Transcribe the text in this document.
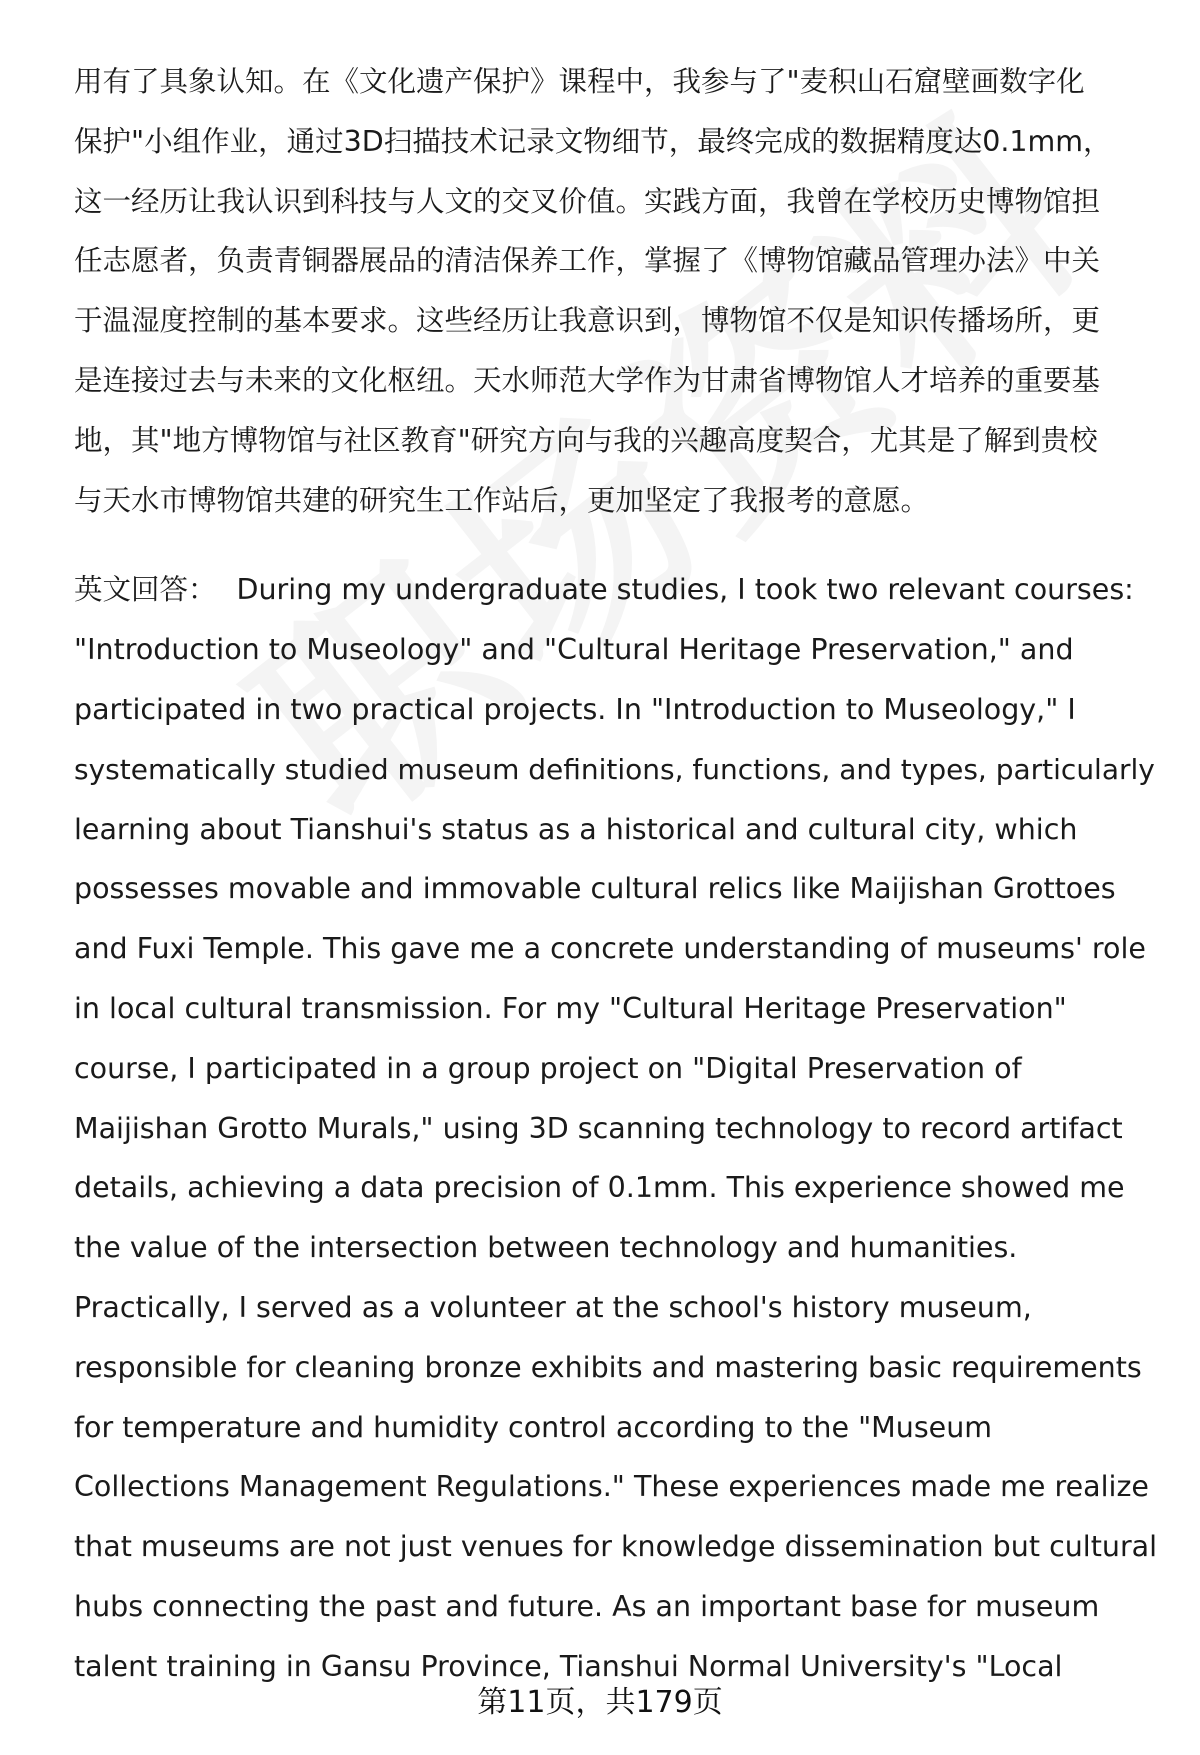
用有了具象认知。在《文化遗产保护》课程中，我参与了"麦积山石窟壁画数字化
保护"小组作业，通过3D扫描技术记录文物细节，最终完成的数据精度达0.1mm，
这一经历让我认识到科技与人文的交叉价值。实践方面，我曾在学校历史博物馆担
任志愿者，负责青铜器展品的清洁保养工作，掌握了《博物馆藏品管理办法》中关
于温湿度控制的基本要求。这些经历让我意识到，博物馆不仅是知识传播场所，更
是连接过去与未来的文化枢纽。天水师范大学作为甘肃省博物馆人才培养的重要基
地，其"地方博物馆与社区教育"研究方向与我的兴趣高度契合，尤其是了解到贵校
与天水市博物馆共建的研究生工作站后，更加坚定了我报考的意愿。
英文回答： During my undergraduate studies, I took two relevant courses:
"Introduction to Museology" and "Cultural Heritage Preservation," and
participated in two practical projects. In "Introduction to Museology," I
systematically studied museum definitions, functions, and types, particularly
learning about Tianshui's status as a historical and cultural city, which
possesses movable and immovable cultural relics like Maijishan Grottoes
and Fuxi Temple. This gave me a concrete understanding of museums' role
in local cultural transmission. For my "Cultural Heritage Preservation"
course, I participated in a group project on "Digital Preservation of
Maijishan Grotto Murals," using 3D scanning technology to record artifact
details, achieving a data precision of 0.1mm. This experience showed me
the value of the intersection between technology and humanities.
Practically, I served as a volunteer at the school's history museum,
responsible for cleaning bronze exhibits and mastering basic requirements
for temperature and humidity control according to the "Museum
Collections Management Regulations." These experiences made me realize
that museums are not just venues for knowledge dissemination but cultural
hubs connecting the past and future. As an important base for museum
talent training in Gansu Province, Tianshui Normal University's "Local
第11页，共179页
